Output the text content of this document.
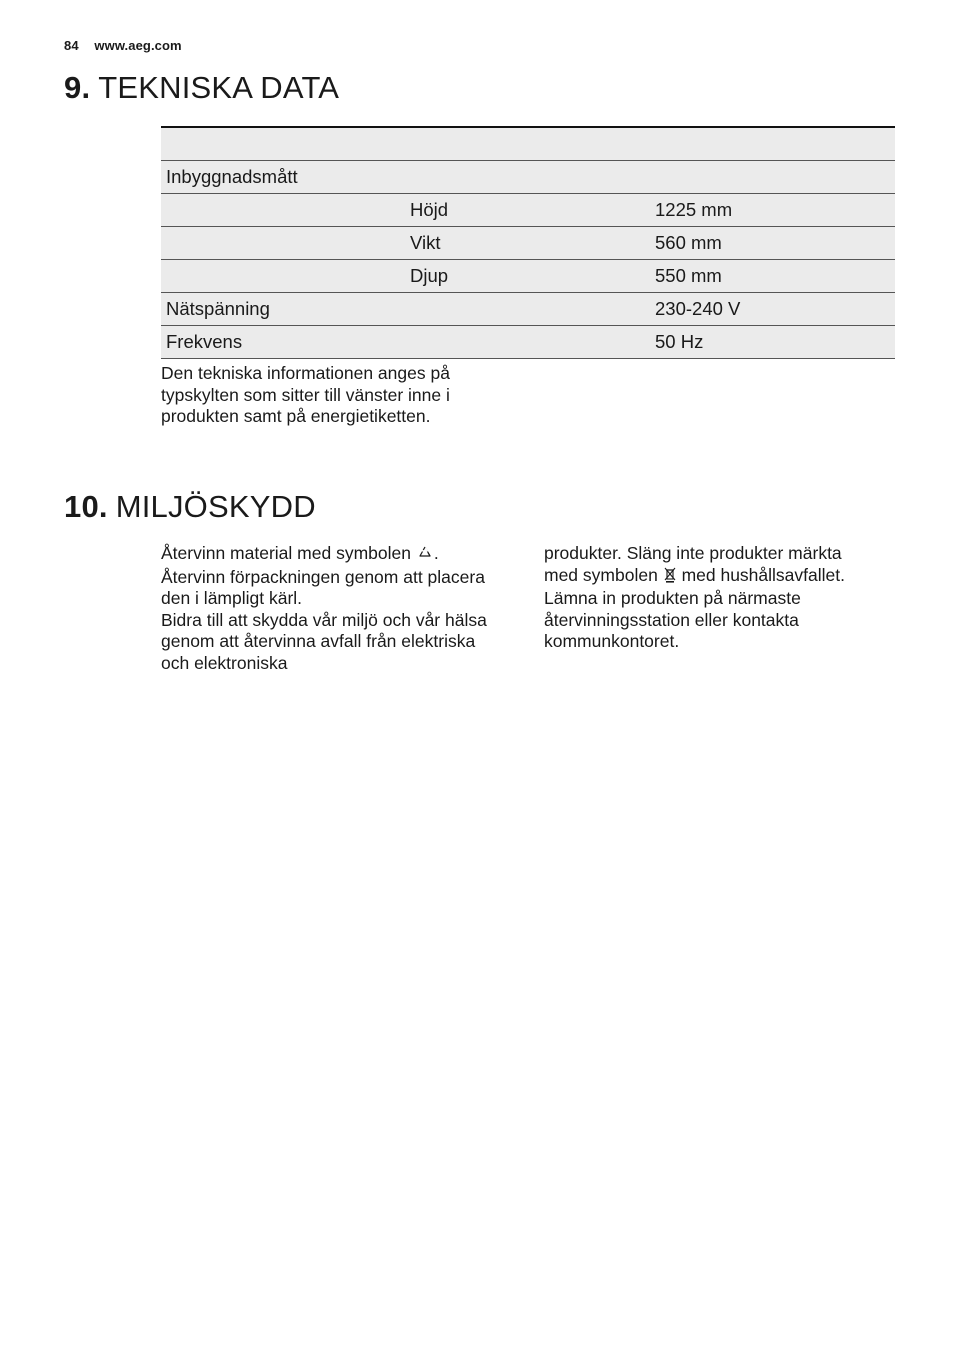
84 www.aeg.com
9. TEKNISKA DATA

Inbyggnadsmått		
	Höjd	1225 mm
	Vikt	560 mm
	Djup	550 mm
Nätspänning		230-240 V
Frekvens		50 Hz

Den tekniska informationen anges på typskylten som sitter till vänster inne i produkten samt på energietiketten.

10. MILJÖSKYDD

Återvinn material med symbolen . Återvinn förpackningen genom att placera den i lämpligt kärl.
Bidra till att skydda vår miljö och vår hälsa genom att återvinna avfall från elektriska och elektroniska

produkter. Släng inte produkter märkta med symbolen med hushållsavfallet. Lämna in produkten på närmaste återvinningsstation eller kontakta kommunkontoret.
